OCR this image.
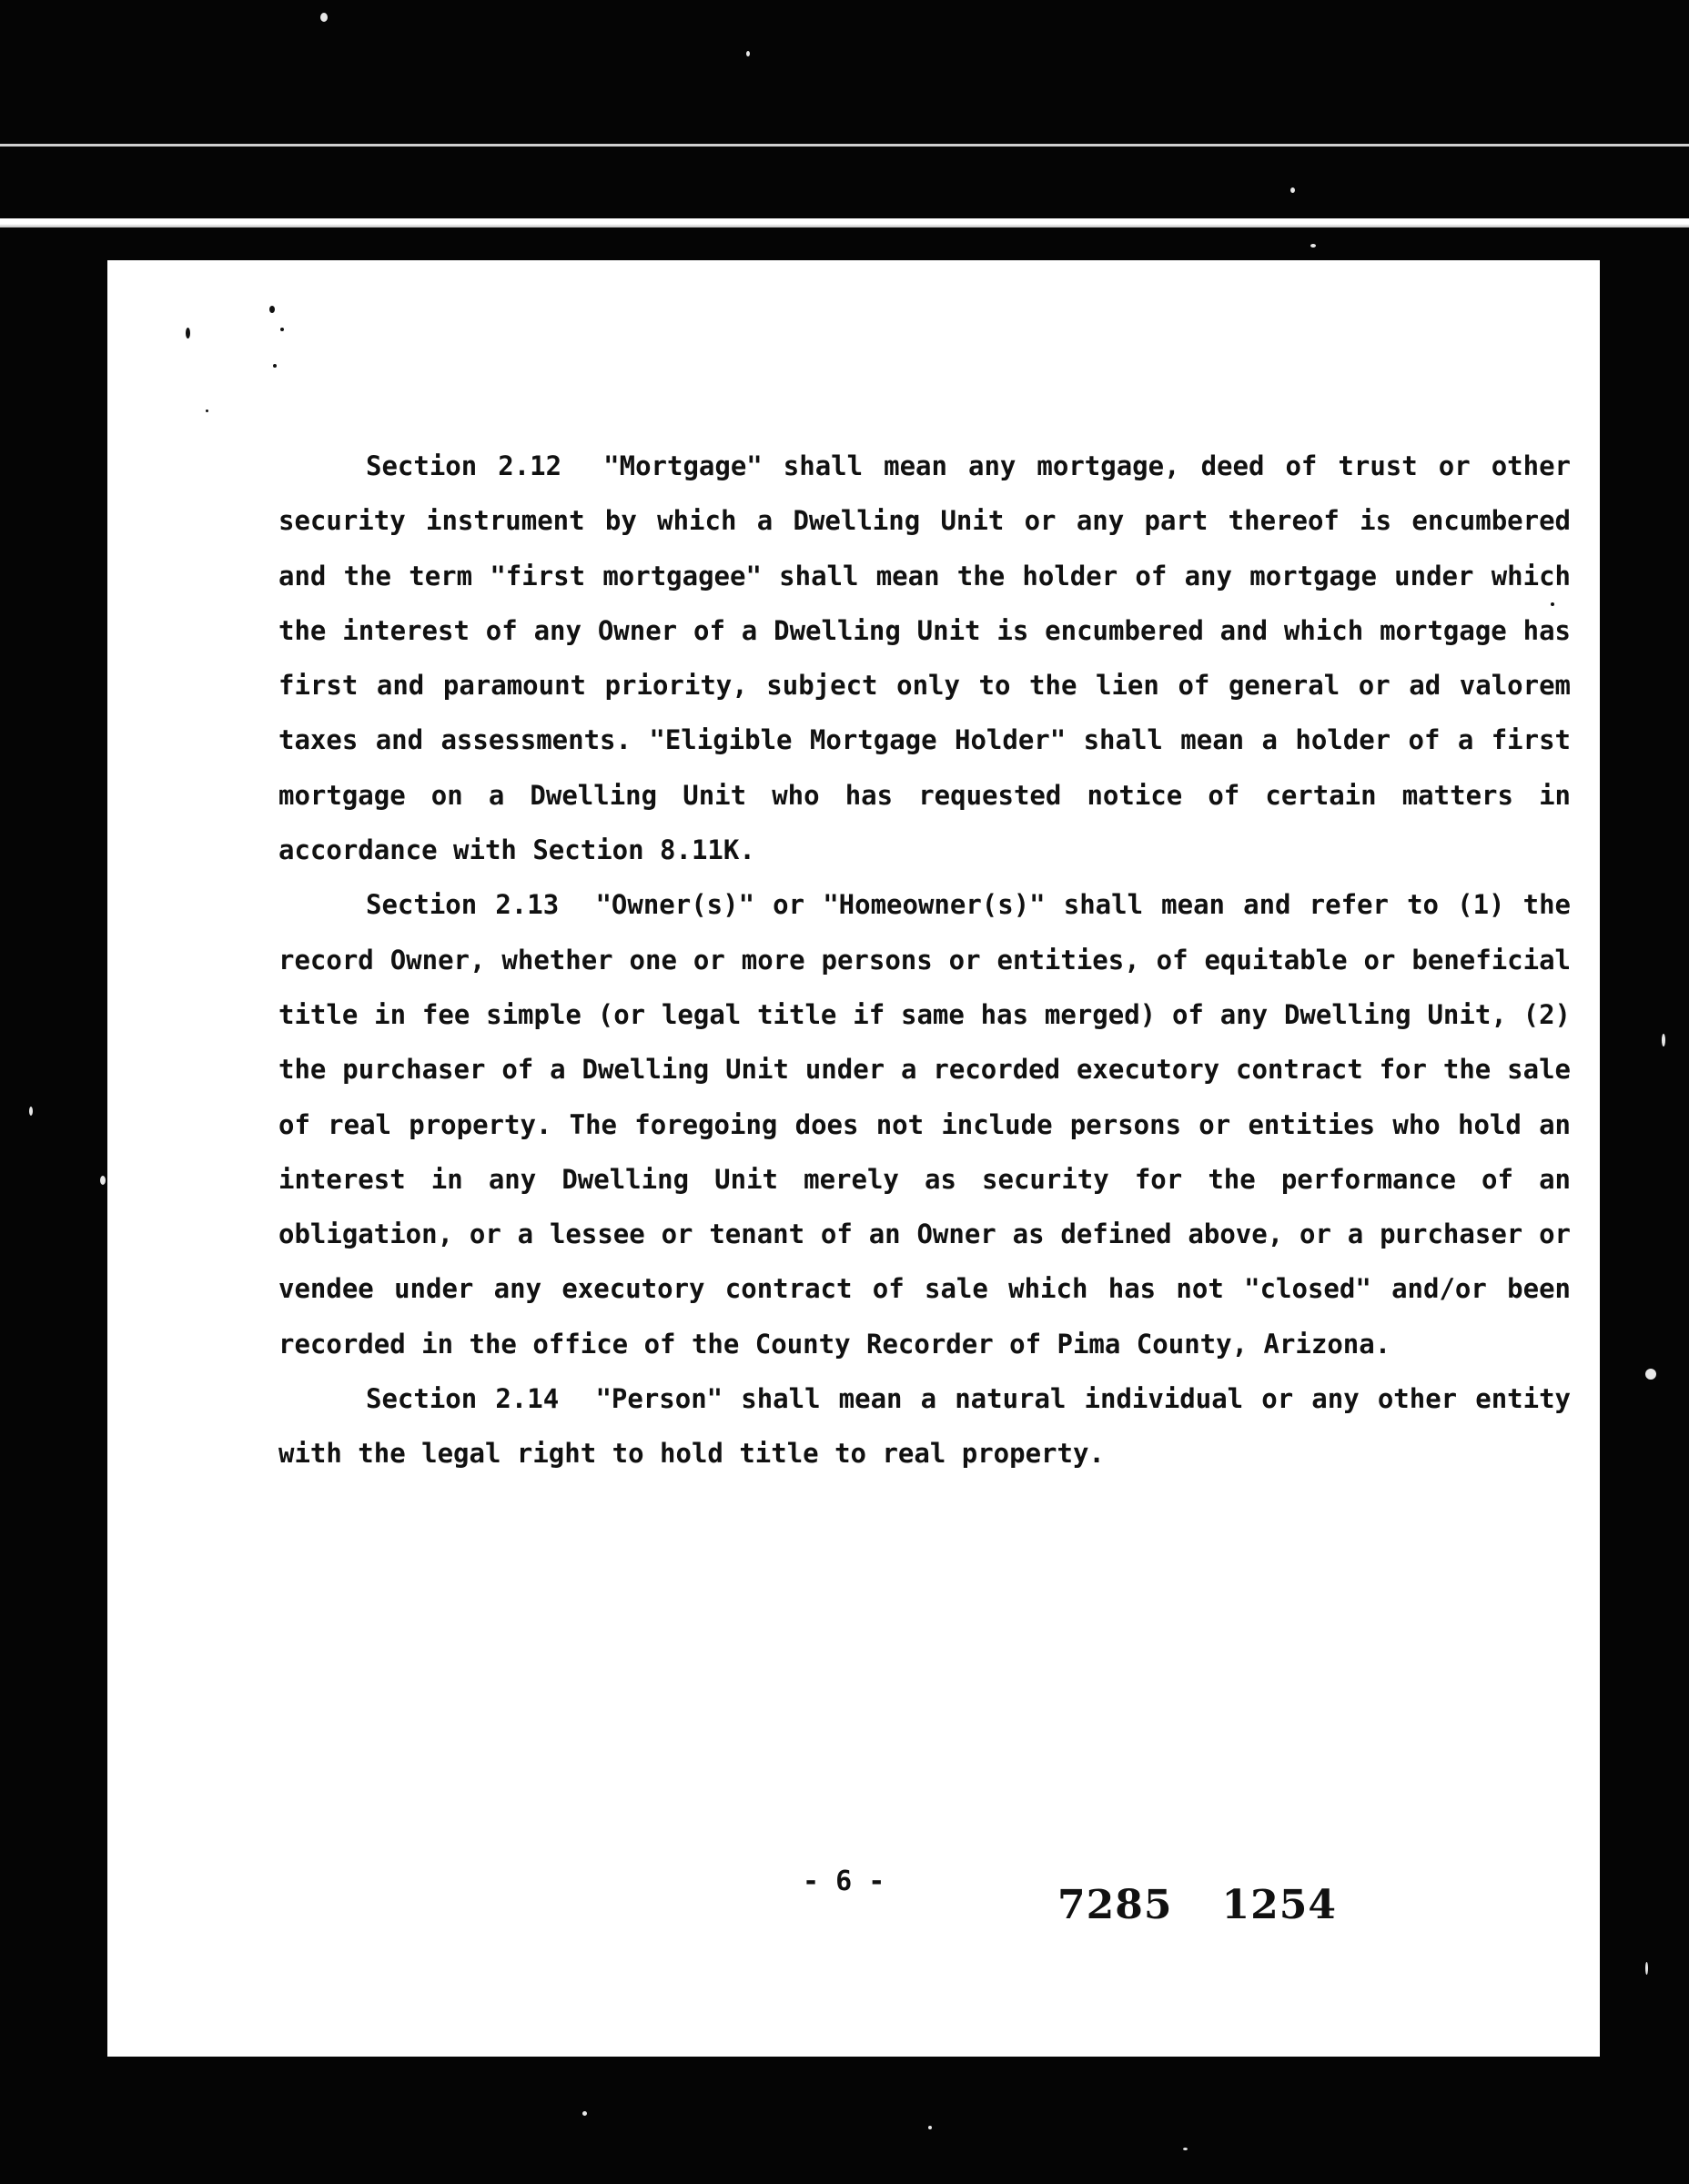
Section 2.12 "Mortgage" shall mean any mortgage, deed of trust or other security instrument by which a Dwelling Unit or any part thereof is encumbered and the term "first mortgagee" shall mean the holder of any mortgage under which the interest of any Owner of a Dwelling Unit is encumbered and which mortgage has first and paramount priority, subject only to the lien of general or ad valorem taxes and assessments. "Eligible Mortgage Holder" shall mean a holder of a first mortgage on a Dwelling Unit who has requested notice of certain matters in accordance with Section 8.11K.

Section 2.13 "Owner(s)" or "Homeowner(s)" shall mean and refer to (1) the record Owner, whether one or more persons or entities, of equitable or beneficial title in fee simple (or legal title if same has merged) of any Dwelling Unit, (2) the purchaser of a Dwelling Unit under a recorded executory contract for the sale of real property. The foregoing does not include persons or entities who hold an interest in any Dwelling Unit merely as security for the performance of an obligation, or a lessee or tenant of an Owner as defined above, or a purchaser or vendee under any executory contract of sale which has not "closed" and/or been recorded in the office of the County Recorder of Pima County, Arizona.

Section 2.14 "Person" shall mean a natural individual or any other entity with the legal right to hold title to real property.

- 6 -
7285 1254
